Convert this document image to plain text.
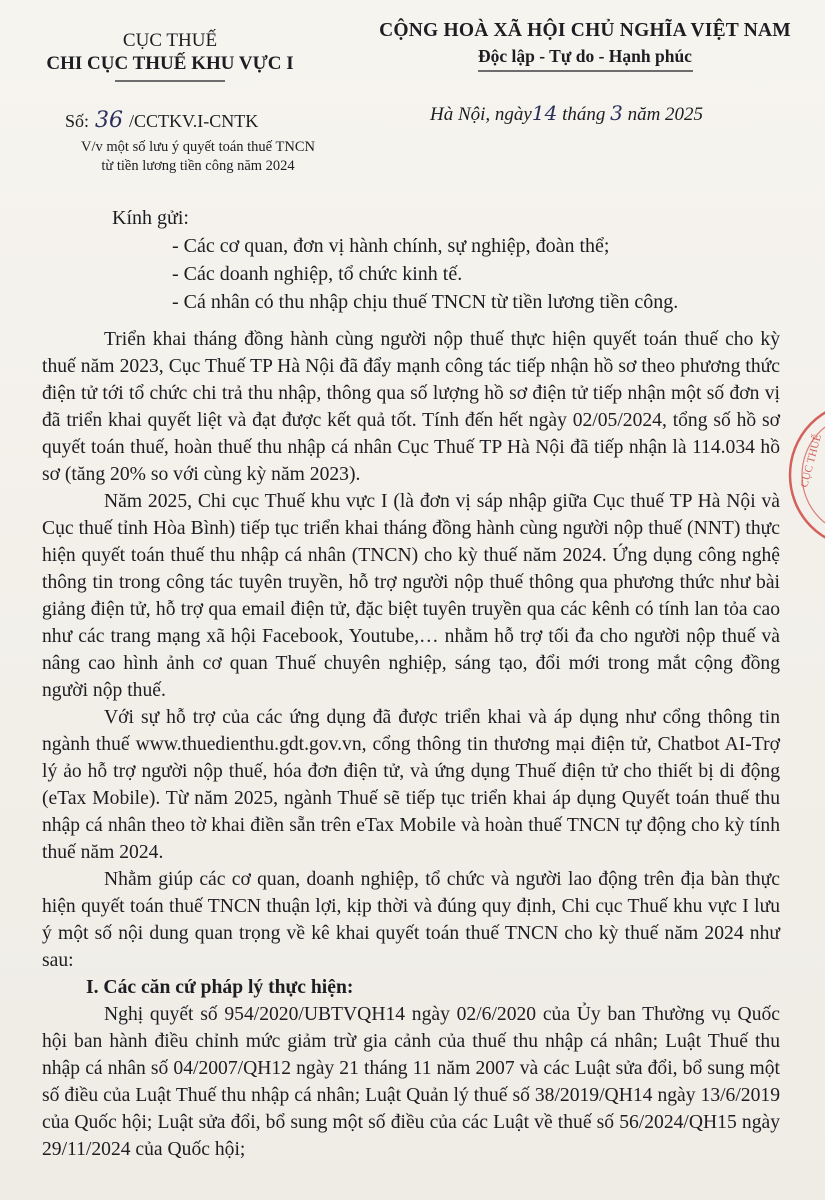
CỤC THUẾ
CHI CỤC THUẾ KHU VỰC I
Số: 36 /CCTKV.I-CNTK
V/v một số lưu ý quyết toán thuế TNCN
từ tiền lương tiền công năm 2024
CỘNG HOÀ XÃ HỘI CHỦ NGHĨA VIỆT NAM
Độc lập - Tự do - Hạnh phúc
Hà Nội, ngày14 tháng 3 năm 2025
Kính gửi:
- Các cơ quan, đơn vị hành chính, sự nghiệp, đoàn thể;
- Các doanh nghiệp, tổ chức kinh tế.
- Cá nhân có thu nhập chịu thuế TNCN từ tiền lương tiền công.

Triển khai tháng đồng hành cùng người nộp thuế thực hiện quyết toán thuế cho kỳ thuế năm 2023, Cục Thuế TP Hà Nội đã đẩy mạnh công tác tiếp nhận hồ sơ theo phương thức điện tử tới tổ chức chi trả thu nhập, thông qua số lượng hồ sơ điện tử tiếp nhận một số đơn vị đã triển khai quyết liệt và đạt được kết quả tốt. Tính đến hết ngày 02/05/2024, tổng số hồ sơ quyết toán thuế, hoàn thuế thu nhập cá nhân Cục Thuế TP Hà Nội đã tiếp nhận là 114.034 hồ sơ (tăng 20% so với cùng kỳ năm 2023).

Năm 2025, Chi cục Thuế khu vực I (là đơn vị sáp nhập giữa Cục thuế TP Hà Nội và Cục thuế tỉnh Hòa Bình) tiếp tục triển khai tháng đồng hành cùng người nộp thuế (NNT) thực hiện quyết toán thuế thu nhập cá nhân (TNCN) cho kỳ thuế năm 2024. Ứng dụng công nghệ thông tin trong công tác tuyên truyền, hỗ trợ người nộp thuế thông qua phương thức như bài giảng điện tử, hỗ trợ qua email điện tử, đặc biệt tuyên truyền qua các kênh có tính lan tỏa cao như các trang mạng xã hội Facebook, Youtube,… nhằm hỗ trợ tối đa cho người nộp thuế và nâng cao hình ảnh cơ quan Thuế chuyên nghiệp, sáng tạo, đổi mới trong mắt cộng đồng người nộp thuế.

Với sự hỗ trợ của các ứng dụng đã được triển khai và áp dụng như cổng thông tin ngành thuế www.thuedienthu.gdt.gov.vn, cổng thông tin thương mại điện tử, Chatbot AI-Trợ lý ảo hỗ trợ người nộp thuế, hóa đơn điện tử, và ứng dụng Thuế điện tử cho thiết bị di động (eTax Mobile). Từ năm 2025, ngành Thuế sẽ tiếp tục triển khai áp dụng Quyết toán thuế thu nhập cá nhân theo tờ khai điền sẵn trên eTax Mobile và hoàn thuế TNCN tự động cho kỳ tính thuế năm 2024.

Nhằm giúp các cơ quan, doanh nghiệp, tổ chức và người lao động trên địa bàn thực hiện quyết toán thuế TNCN thuận lợi, kịp thời và đúng quy định, Chi cục Thuế khu vực I lưu ý một số nội dung quan trọng về kê khai quyết toán thuế TNCN cho kỳ thuế năm 2024 như sau:

I. Các căn cứ pháp lý thực hiện:

Nghị quyết số 954/2020/UBTVQH14 ngày 02/6/2020 của Ủy ban Thường vụ Quốc hội ban hành điều chỉnh mức giảm trừ gia cảnh của thuế thu nhập cá nhân; Luật Thuế thu nhập cá nhân số 04/2007/QH12 ngày 21 tháng 11 năm 2007 và các Luật sửa đổi, bổ sung một số điều của Luật Thuế thu nhập cá nhân; Luật Quản lý thuế số 38/2019/QH14 ngày 13/6/2019 của Quốc hội; Luật sửa đổi, bổ sung một số điều của các Luật về thuế số 56/2024/QH15 ngày 29/11/2024 của Quốc hội;

CỤC THUẾ
